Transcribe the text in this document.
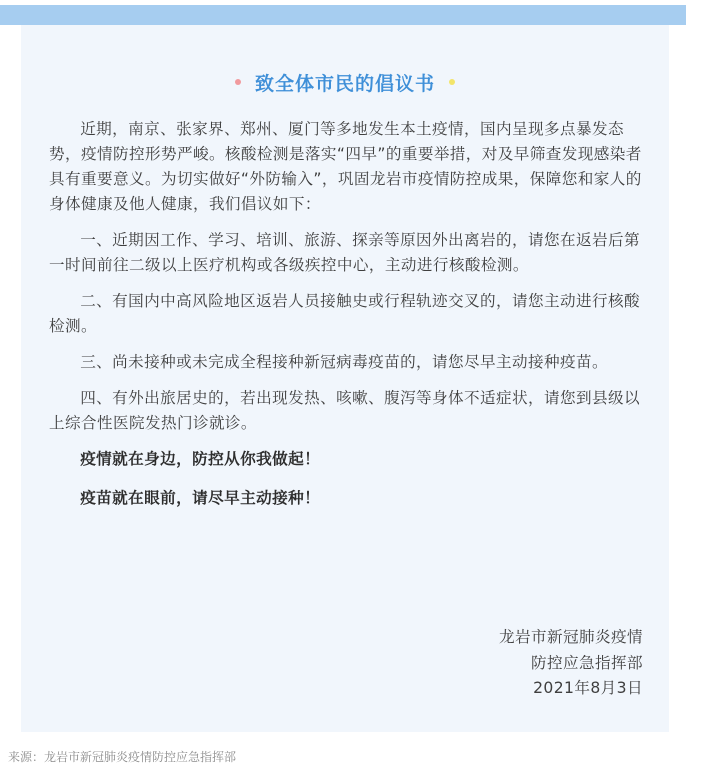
致全体市民的倡议书

近期，南京、张家界、郑州、厦门等多地发生本土疫情，国内呈现多点暴发态势，疫情防控形势严峻。核酸检测是落实“四早”的重要举措，对及早筛查发现感染者具有重要意义。为切实做好“外防输入”，巩固龙岩市疫情防控成果，保障您和家人的身体健康及他人健康，我们倡议如下：

一、近期因工作、学习、培训、旅游、探亲等原因外出离岩的，请您在返岩后第一时间前往二级以上医疗机构或各级疾控中心，主动进行核酸检测。

二、有国内中高风险地区返岩人员接触史或行程轨迹交叉的，请您主动进行核酸检测。

三、尚未接种或未完成全程接种新冠病毒疫苗的，请您尽早主动接种疫苗。

四、有外出旅居史的，若出现发热、咳嗽、腹泻等身体不适症状，请您到县级以上综合性医院发热门诊就诊。

疫情就在身边，防控从你我做起！

疫苗就在眼前，请尽早主动接种！

龙岩市新冠肺炎疫情
防控应急指挥部
2021年8月3日
来源：龙岩市新冠肺炎疫情防控应急指挥部
